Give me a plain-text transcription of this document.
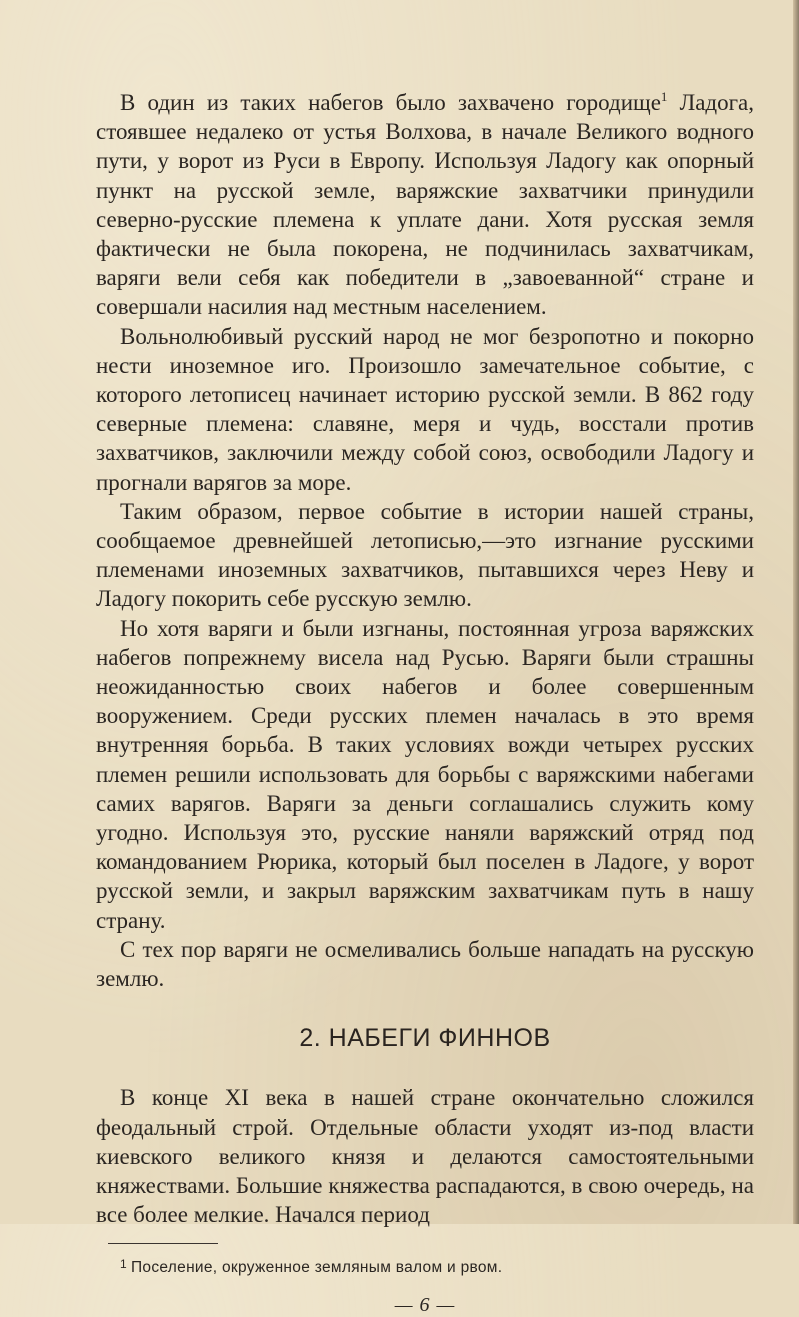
В один из таких набегов было захвачено городище$^1$ Ладога, стоявшее недалеко от устья Волхова, в начале Великого водного пути, у ворот из Руси в Европу. Используя Ладогу как опорный пункт на русской земле, варяжские захватчики принудили северно-русские племена к уплате дани. Хотя русская земля фактически не была покорена, не подчинилась захватчикам, варяги вели себя как победители в „завоеванной“ стране и совершали насилия над местным населением.

Вольнолюбивый русский народ не мог безропотно и покорно нести иноземное иго. Произошло замечательное событие, с которого летописец начинает историю русской земли. В 862 году северные племена: славяне, меря и чудь, восстали против захватчиков, заключили между собой союз, освободили Ладогу и прогнали варягов за море.

Таким образом, первое событие в истории нашей страны, сообщаемое древнейшей летописью,—это изгнание русскими племенами иноземных захватчиков, пытавшихся через Неву и Ладогу покорить себе русскую землю.

Но хотя варяги и были изгнаны, постоянная угроза варяжских набегов попрежнему висела над Русью. Варяги были страшны неожиданностью своих набегов и более совершенным вооружением. Среди русских племен началась в это время внутренняя борьба. В таких условиях вожди четырех русских племен решили использовать для борьбы с варяжскими набегами самих варягов. Варяги за деньги соглашались служить кому угодно. Используя это, русские наняли варяжский отряд под командованием Рюрика, который был поселен в Ладоге, у ворот русской земли, и закрыл варяжским захватчикам путь в нашу страну.

С тех пор варяги не осмеливались больше нападать на русскую землю.

2. НАБЕГИ ФИННОВ

В конце XI века в нашей стране окончательно сложился феодальный строй. Отдельные области уходят из-под власти киевского великого князя и делаются самостоятельными княжествами. Большие княжества распадаются, в свою очередь, на все более мелкие. Начался период

$^1$ Поселение, окруженное земляным валом и рвом.
— 6 —
